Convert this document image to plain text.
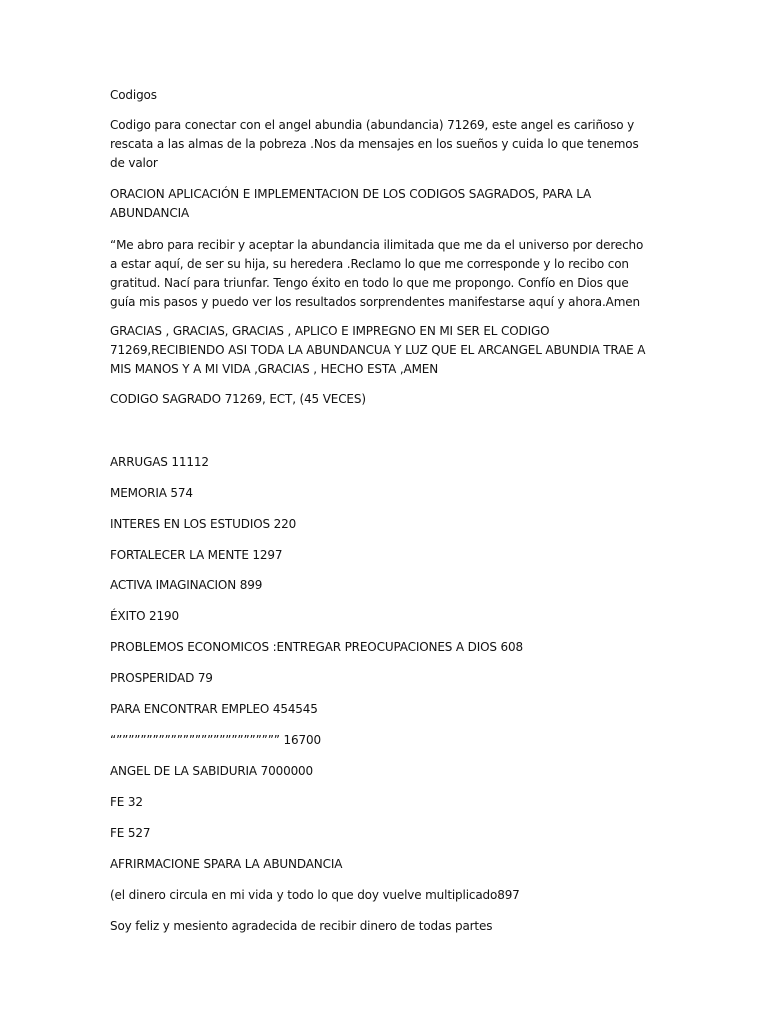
Codigos

Codigo para conectar con el angel abundia (abundancia) 71269, este angel es cariñoso y rescata a las almas de la pobreza .Nos da mensajes en los sueños y cuida lo que tenemos de valor

ORACION APLICACIÓN E IMPLEMENTACION DE LOS CODIGOS SAGRADOS, PARA LA ABUNDANCIA

“Me abro para recibir y aceptar la abundancia ilimitada que me da el universo por derecho a estar aquí, de ser su hija, su heredera .Reclamo lo que me corresponde y lo recibo con gratitud. Nací para triunfar. Tengo éxito en todo lo que me propongo. Confío en Dios que guía mis pasos y puedo ver los resultados sorprendentes manifestarse aquí y ahora.Amen

GRACIAS , GRACIAS, GRACIAS , APLICO E IMPREGNO EN MI SER EL CODIGO 71269,RECIBIENDO ASI TODA LA ABUNDANCUA Y LUZ QUE EL ARCANGEL ABUNDIA TRAE A MIS MANOS Y A MI VIDA ,GRACIAS , HECHO ESTA ,AMEN

CODIGO SAGRADO 71269, ECT, (45 VECES)

ARRUGAS 11112

MEMORIA 574

INTERES EN LOS ESTUDIOS 220

FORTALECER LA MENTE 1297

ACTIVA IMAGINACION 899

ÉXITO 2190

PROBLEMOS ECONOMICOS :ENTREGAR PREOCUPACIONES A DIOS 608

PROSPERIDAD 79

PARA ENCONTRAR EMPLEO 454545

“””””””””””””””””””””””””””” 16700

ANGEL DE LA SABIDURIA 7000000

FE 32

FE 527

AFRIRMACIONE SPARA LA ABUNDANCIA

(el dinero circula en mi vida y todo lo que doy vuelve multiplicado897

Soy feliz y mesiento agradecida de recibir dinero de todas partes
